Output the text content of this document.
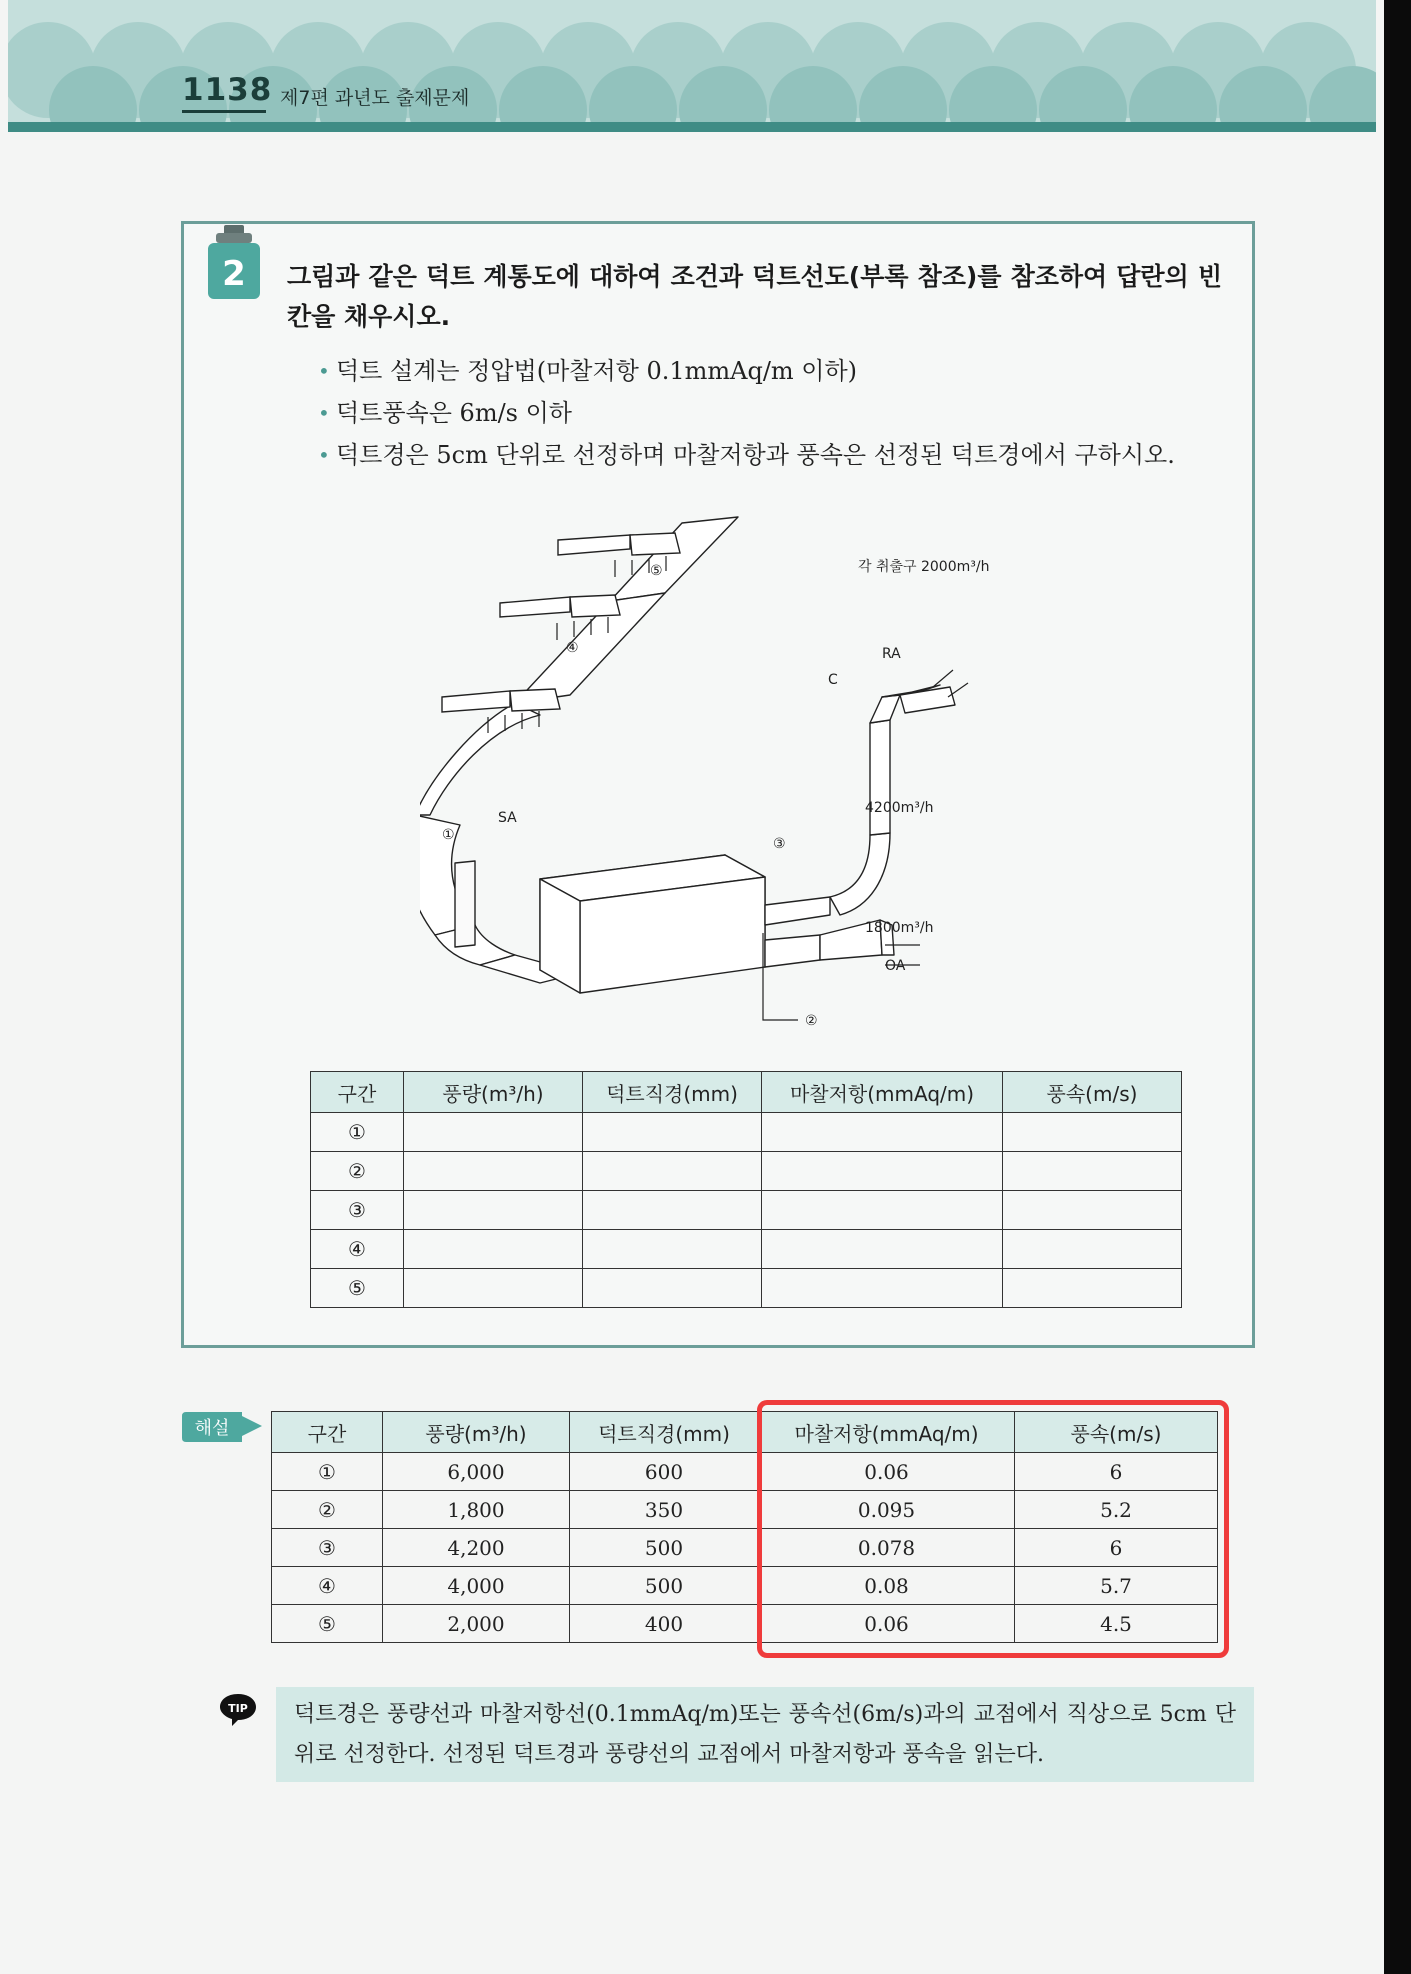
1138 제7편 과년도 출제문제
2 그림과 같은 덕트 계통도에 대하여 조건과 덕트선도(부록 참조)를 참조하여 답란의 빈칸을 채우시오.
• 덕트 설계는 정압법(마찰저항 0.1mmAq/m 이하)
• 덕트풍속은 6m/s 이하
• 덕트경은 5cm 단위로 선정하며 마찰저항과 풍속은 선정된 덕트경에서 구하시오.
각 취출구 2000m³/h
RA
C
SA
4200m³/h
1800m³/h
OA
①
②
③
④
⑤
구간	풍량(m³/h)	덕트직경(mm)	마찰저항(mmAq/m)	풍속(m/s)
①				
②				
③				
④				
⑤				
해설	구간	풍량(m³/h)	덕트직경(mm)	마찰저항(mmAq/m)	풍속(m/s)
①	6,000	600	0.06	6
②	1,800	350	0.095	5.2
③	4,200	500	0.078	6
④	4,000	500	0.08	5.7
⑤	2,000	400	0.06	4.5
TIP	덕트경은 풍량선과 마찰저항선(0.1mmAq/m)또는 풍속선(6m/s)과의 교점에서 직상으로 5cm 단위로 선정한다. 선정된 덕트경과 풍량선의 교점에서 마찰저항과 풍속을 읽는다.
